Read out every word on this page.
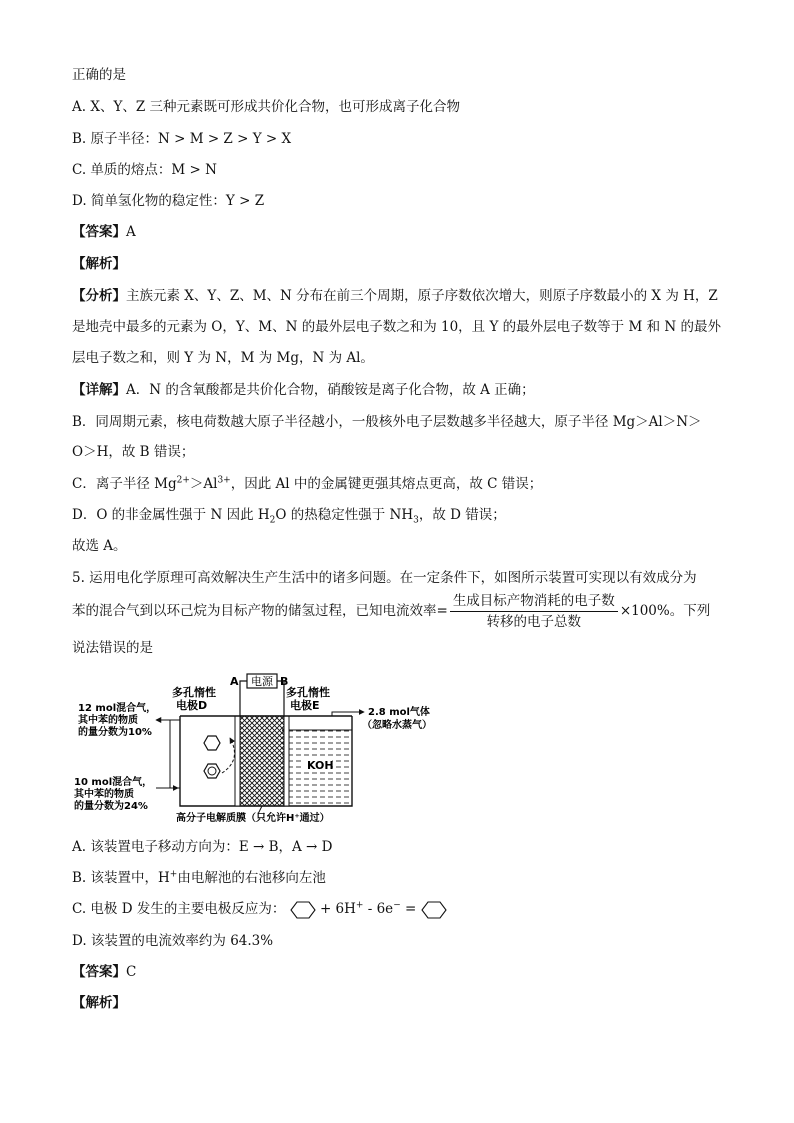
正确的是
A. X、Y、Z 三种元素既可形成共价化合物，也可形成离子化合物
B. 原子半径：N > M > Z > Y > X
C. 单质的熔点：M > N
D. 简单氢化物的稳定性：Y > Z
【答案】A
【解析】
【分析】主族元素 X、Y、Z、M、N 分布在前三个周期，原子序数依次增大，则原子序数最小的 X 为 H，Z
是地壳中最多的元素为 O，Y、M、N 的最外层电子数之和为 10，且 Y 的最外层电子数等于 M 和 N 的最外
层电子数之和，则 Y 为 N，M 为 Mg，N 为 Al。
【详解】A．N 的含氧酸都是共价化合物，硝酸铵是离子化合物，故 A 正确；
B．同周期元素，核电荷数越大原子半径越小，一般核外电子层数越多半径越大，原子半径 Mg＞Al＞N＞
O＞H，故 B 错误；
C．离子半径 $Mg^{2+}>Al^{3+}$，因此 Al 中的金属键更强其熔点更高，故 C 错误；
D．O 的非金属性强于 N 因此 $H_2O$ 的热稳定性强于 $NH_3$，故 D 错误；
故选 A。
5. 运用电化学原理可高效解决生产生活中的诸多问题。在一定条件下，如图所示装置可实现以有效成分为
苯的混合气到以环己烷为目标产物的储氢过程，已知电流效率= $\frac{\text{生成目标产物消耗的电子数}}{\text{转移的电子总数}} \times 100\%$。下列
说法错误的是
电源
A	B
多孔惰性
电极D
多孔惰性
电极E
KOH
12 mol混合气，
其中苯的物质
的量分数为10%
10 mol混合气，
其中苯的物质
的量分数为24%
2.8 mol气体
（忽略水蒸气）
高分子电解质膜（只允许H⁺通过）
A. 该装置电子移动方向为：E → B，A → D
B. 该装置中，H+由电解池的右池移向左池
C. 电极 D 发生的主要电极反应为：	+ 6H+ - 6e− =
D. 该装置的电流效率约为 64.3%
【答案】C
【解析】
